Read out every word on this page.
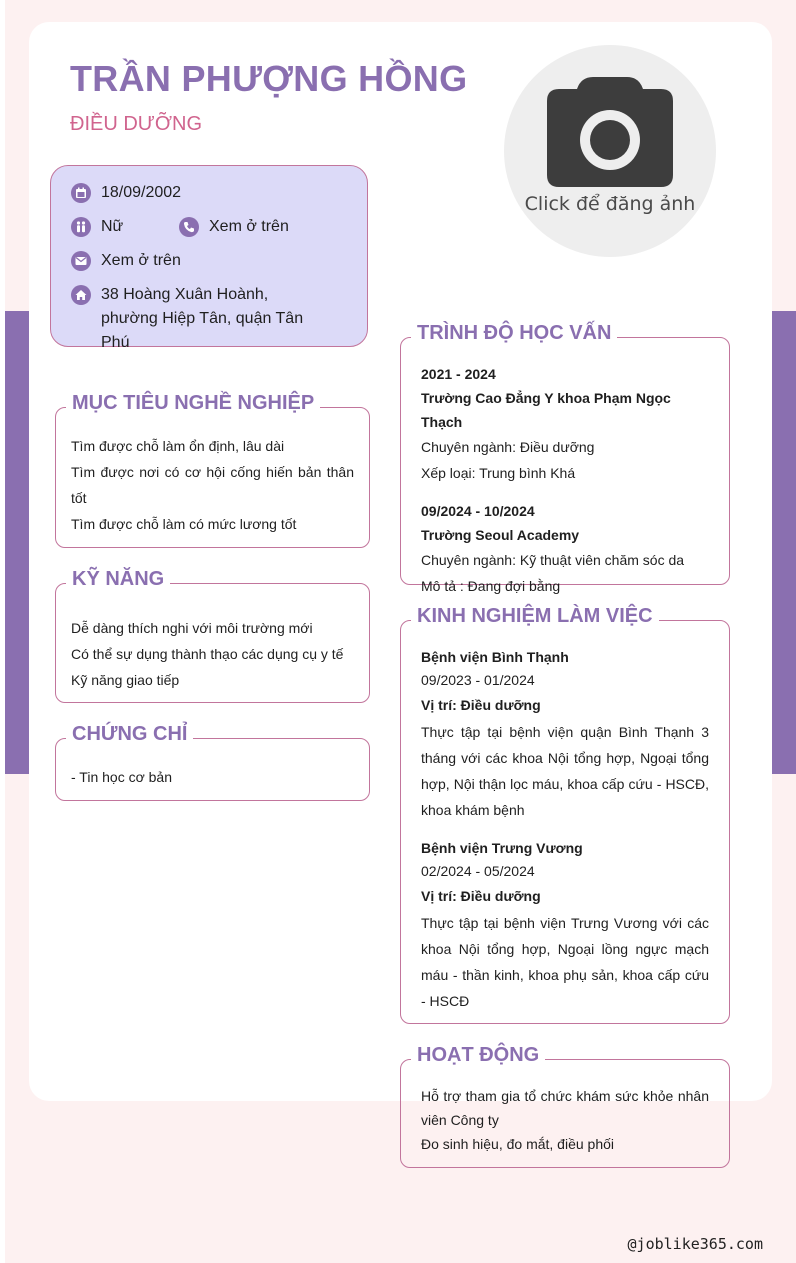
TRẦN PHƯỢNG HỒNG
ĐIỀU DƯỠNG
Click để đăng ảnh
18/09/2002
Nữ	Xem ở trên
Xem ở trên
38 Hoàng Xuân Hoành, phường Hiệp Tân, quận Tân Phú
MỤC TIÊU NGHỀ NGHIỆP

Tìm được chỗ làm ổn định, lâu dài

Tìm được nơi có cơ hội cống hiến bản thân tốt

Tìm được chỗ làm có mức lương tốt

KỸ NĂNG

Dễ dàng thích nghi với môi trường mới

Có thể sự dụng thành thạo các dụng cụ y tế

Kỹ năng giao tiếp

CHỨNG CHỈ

- Tin học cơ bản

TRÌNH ĐỘ HỌC VẤN
2021 - 2024
Trường Cao Đẳng Y khoa Phạm Ngọc Thạch
Chuyên ngành: Điều dưỡng
Xếp loại: Trung bình Khá
09/2024 - 10/2024
Trường Seoul Academy
Chuyên ngành: Kỹ thuật viên chăm sóc da
Mô tả : Đang đợi bằng
KINH NGHIỆM LÀM VIỆC
Bệnh viện Bình Thạnh
09/2023 - 01/2024
Vị trí: Điều dưỡng

Thực tập tại bệnh viện quận Bình Thạnh 3 tháng với các khoa Nội tổng hợp, Ngoại tổng hợp, Nội thận lọc máu, khoa cấp cứu - HSCĐ, khoa khám bệnh

Bệnh viện Trưng Vương
02/2024 - 05/2024
Vị trí: Điều dưỡng

Thực tập tại bệnh viện Trưng Vương với các khoa Nội tổng hợp, Ngoại lồng ngực mạch máu - thần kinh, khoa phụ sản, khoa cấp cứu - HSCĐ

HOẠT ĐỘNG

Hỗ trợ tham gia tổ chức khám sức khỏe nhân viên Công ty

Đo sinh hiệu, đo mắt, điều phối

@joblike365.com
